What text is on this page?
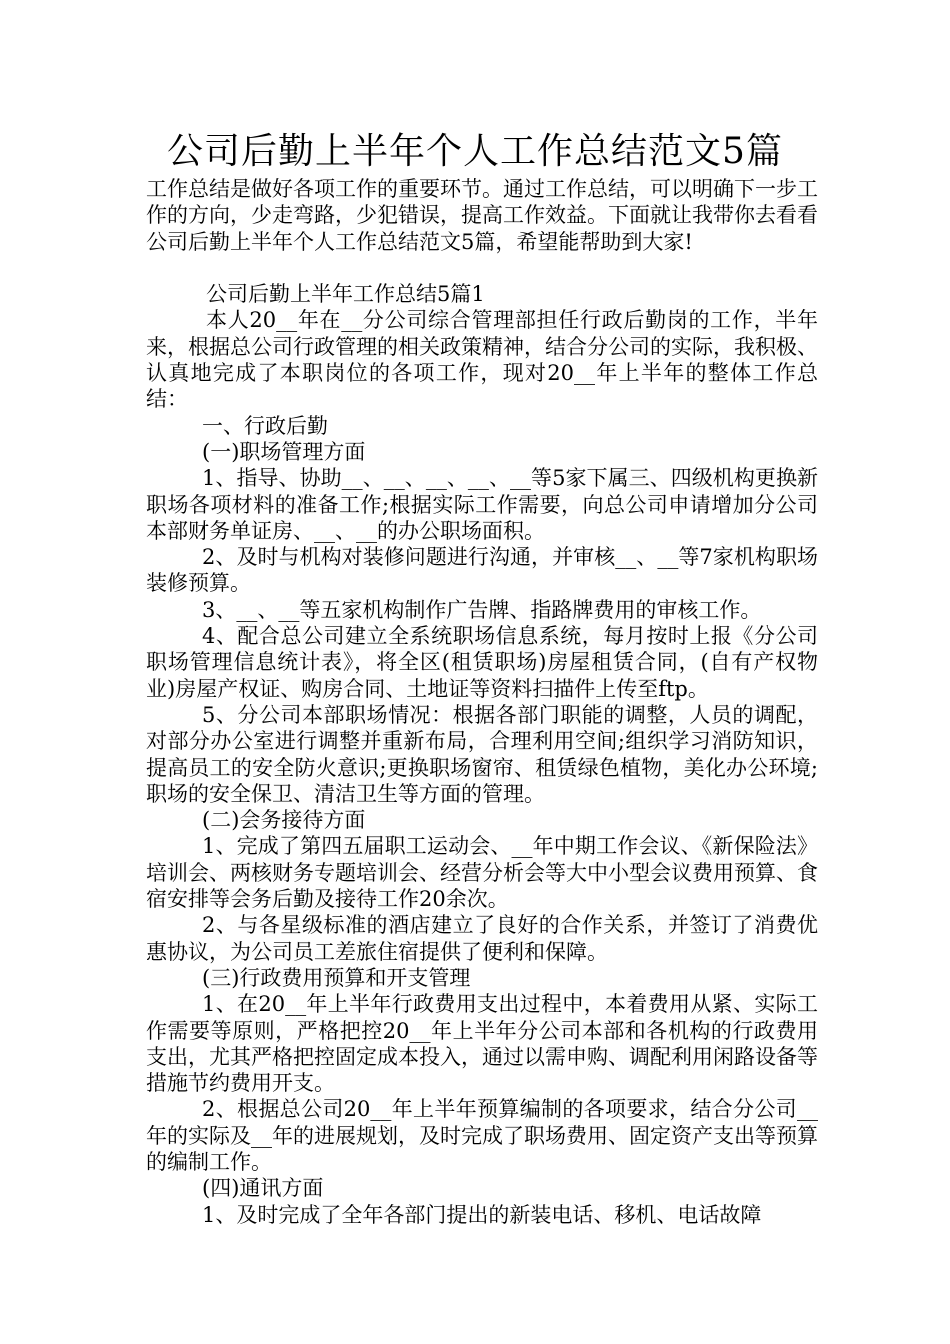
公司后勤上半年个人工作总结范文5篇

工作总结是做好各项工作的重要环节。通过工作总结，可以明确下一步工作的方向，少走弯路，少犯错误，提高工作效益。下面就让我带你去看看公司后勤上半年个人工作总结范文5篇，希望能帮助到大家!

公司后勤上半年工作总结5篇1

本人20__年在__分公司综合管理部担任行政后勤岗的工作，半年来，根据总公司行政管理的相关政策精神，结合分公司的实际，我积极、认真地完成了本职岗位的各项工作，现对20__年上半年的整体工作总结：

一、行政后勤

(一)职场管理方面

1、指导、协助__、__、__、__、__等5家下属三、四级机构更换新职场各项材料的准备工作;根据实际工作需要，向总公司申请增加分公司本部财务单证房、__、__的办公职场面积。

2、及时与机构对装修问题进行沟通，并审核__、__等7家机构职场装修预算。

3、__、__等五家机构制作广告牌、指路牌费用的审核工作。

4、配合总公司建立全系统职场信息系统，每月按时上报《分公司职场管理信息统计表》，将全区(租赁职场)房屋租赁合同，(自有产权物业)房屋产权证、购房合同、土地证等资料扫描件上传至ftp。

5、分公司本部职场情况：根据各部门职能的调整，人员的调配，对部分办公室进行调整并重新布局，合理利用空间;组织学习消防知识，提高员工的安全防火意识;更换职场窗帘、租赁绿色植物，美化办公环境;职场的安全保卫、清洁卫生等方面的管理。

(二)会务接待方面

1、完成了第四五届职工运动会、__年中期工作会议、《新保险法》培训会、两核财务专题培训会、经营分析会等大中小型会议费用预算、食宿安排等会务后勤及接待工作20余次。

2、与各星级标准的酒店建立了良好的合作关系，并签订了消费优惠协议，为公司员工差旅住宿提供了便利和保障。

(三)行政费用预算和开支管理

1、在20__年上半年行政费用支出过程中，本着费用从紧、实际工作需要等原则，严格把控20__年上半年分公司本部和各机构的行政费用支出，尤其严格把控固定成本投入，通过以需申购、调配利用闲路设备等措施节约费用开支。

2、根据总公司20__年上半年预算编制的各项要求，结合分公司__年的实际及__年的进展规划，及时完成了职场费用、固定资产支出等预算的编制工作。

(四)通讯方面

1、及时完成了全年各部门提出的新装电话、移机、电话故障
